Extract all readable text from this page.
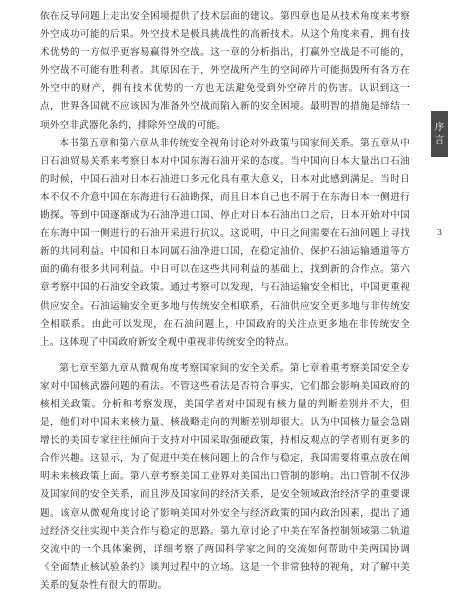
依在反导问题上走出安全困境提供了技术层面的建议。第四章也是从技术角度来考察外空成功可能的后果。外空技术是极具挑战性的高新技术。从这个角度来看，拥有技术优势的一方似乎更容易赢得外空战。这一章的分析指出，打赢外空战是不可能的，外空战不可能有胜利者。其原因在于，外空战所产生的空间碎片可能损毁所有各方在外空中的财产，拥有技术优势的一方也无法避免受到外空碎片的伤害。认识到这一点，世界各国就不应该因为准备外空战而陷入新的安全困境。最明智的措施是缔结一项外空非武器化条约，排除外空战的可能。

本书第五章和第六章从非传统安全视角讨论对外政策与国家间关系。第五章从中日石油贸易关系来考察日本对中国东海石油开采的态度。当中国向日本大量出口石油的时候，中国石油对日本石油进口多元化具有重大意义，日本对此感到满足。当时日本不仅不介意中国在东海进行石油勘探，而且日本自己也不屑于在东海日本一侧进行勘探。等到中国逐渐成为石油净进口国、停止对日本石油出口之后，日本开始对中国在东海中国一侧进行的石油开采进行抗议。这说明，中日之间需要在石油问题上寻找新的共同利益。中国和日本同属石油净进口国，在稳定油价、保护石油运输通道等方面的确有很多共同利益。中日可以在这些共同利益的基础上，找到新的合作点。第六章考察中国的石油安全政策。通过考察可以发现，与石油运输安全相比，中国更重视供应安全。石油运输安全更多地与传统安全相联系，石油供应安全更多地与非传统安全相联系。由此可以发现，在石油问题上，中国政府的关注点更多地在非传统安全上。这体现了中国政府新安全观中重视非传统安全的特点。

第七章至第九章从微观角度考察国家间的安全关系。第七章着重考察美国安全专家对中国核武器问题的看法。不管这些看法是否符合事实，它们都会影响美国政府的核相关政策。分析和考察发现，美国学者对中国现有核力量的判断差别并不大，但是，他们对中国未来核力量、核战略走向的判断差别却很大。认为中国核力量会急剧增长的美国专家往往倾向于支持对中国采取强硬政策，持相反观点的学者则有更多的合作兴趣。这显示，为了促进中美在核问题上的合作与稳定，我国需要将重点放在阐明未来核政策上面。第八章考察美国工业界对美国出口管制的影响。出口管制不仅涉及国家间的安全关系，而且涉及国家间的经济关系，是安全领域政治经济学的重要课题。该章从微观角度讨论了影响美国对外安全与经济政策的国内政治因素，提出了通过经济交往实现中美合作与稳定的思路。第九章讨论了中美在军备控制领域第二轨道交流中的一个具体案例，详细考察了两国科学家之间的交流如何帮助中美两国协调《全面禁止核试验条约》谈判过程中的立场。这是一个非常独特的视角，对了解中美关系的复杂性有很大的帮助。

序
言
3
